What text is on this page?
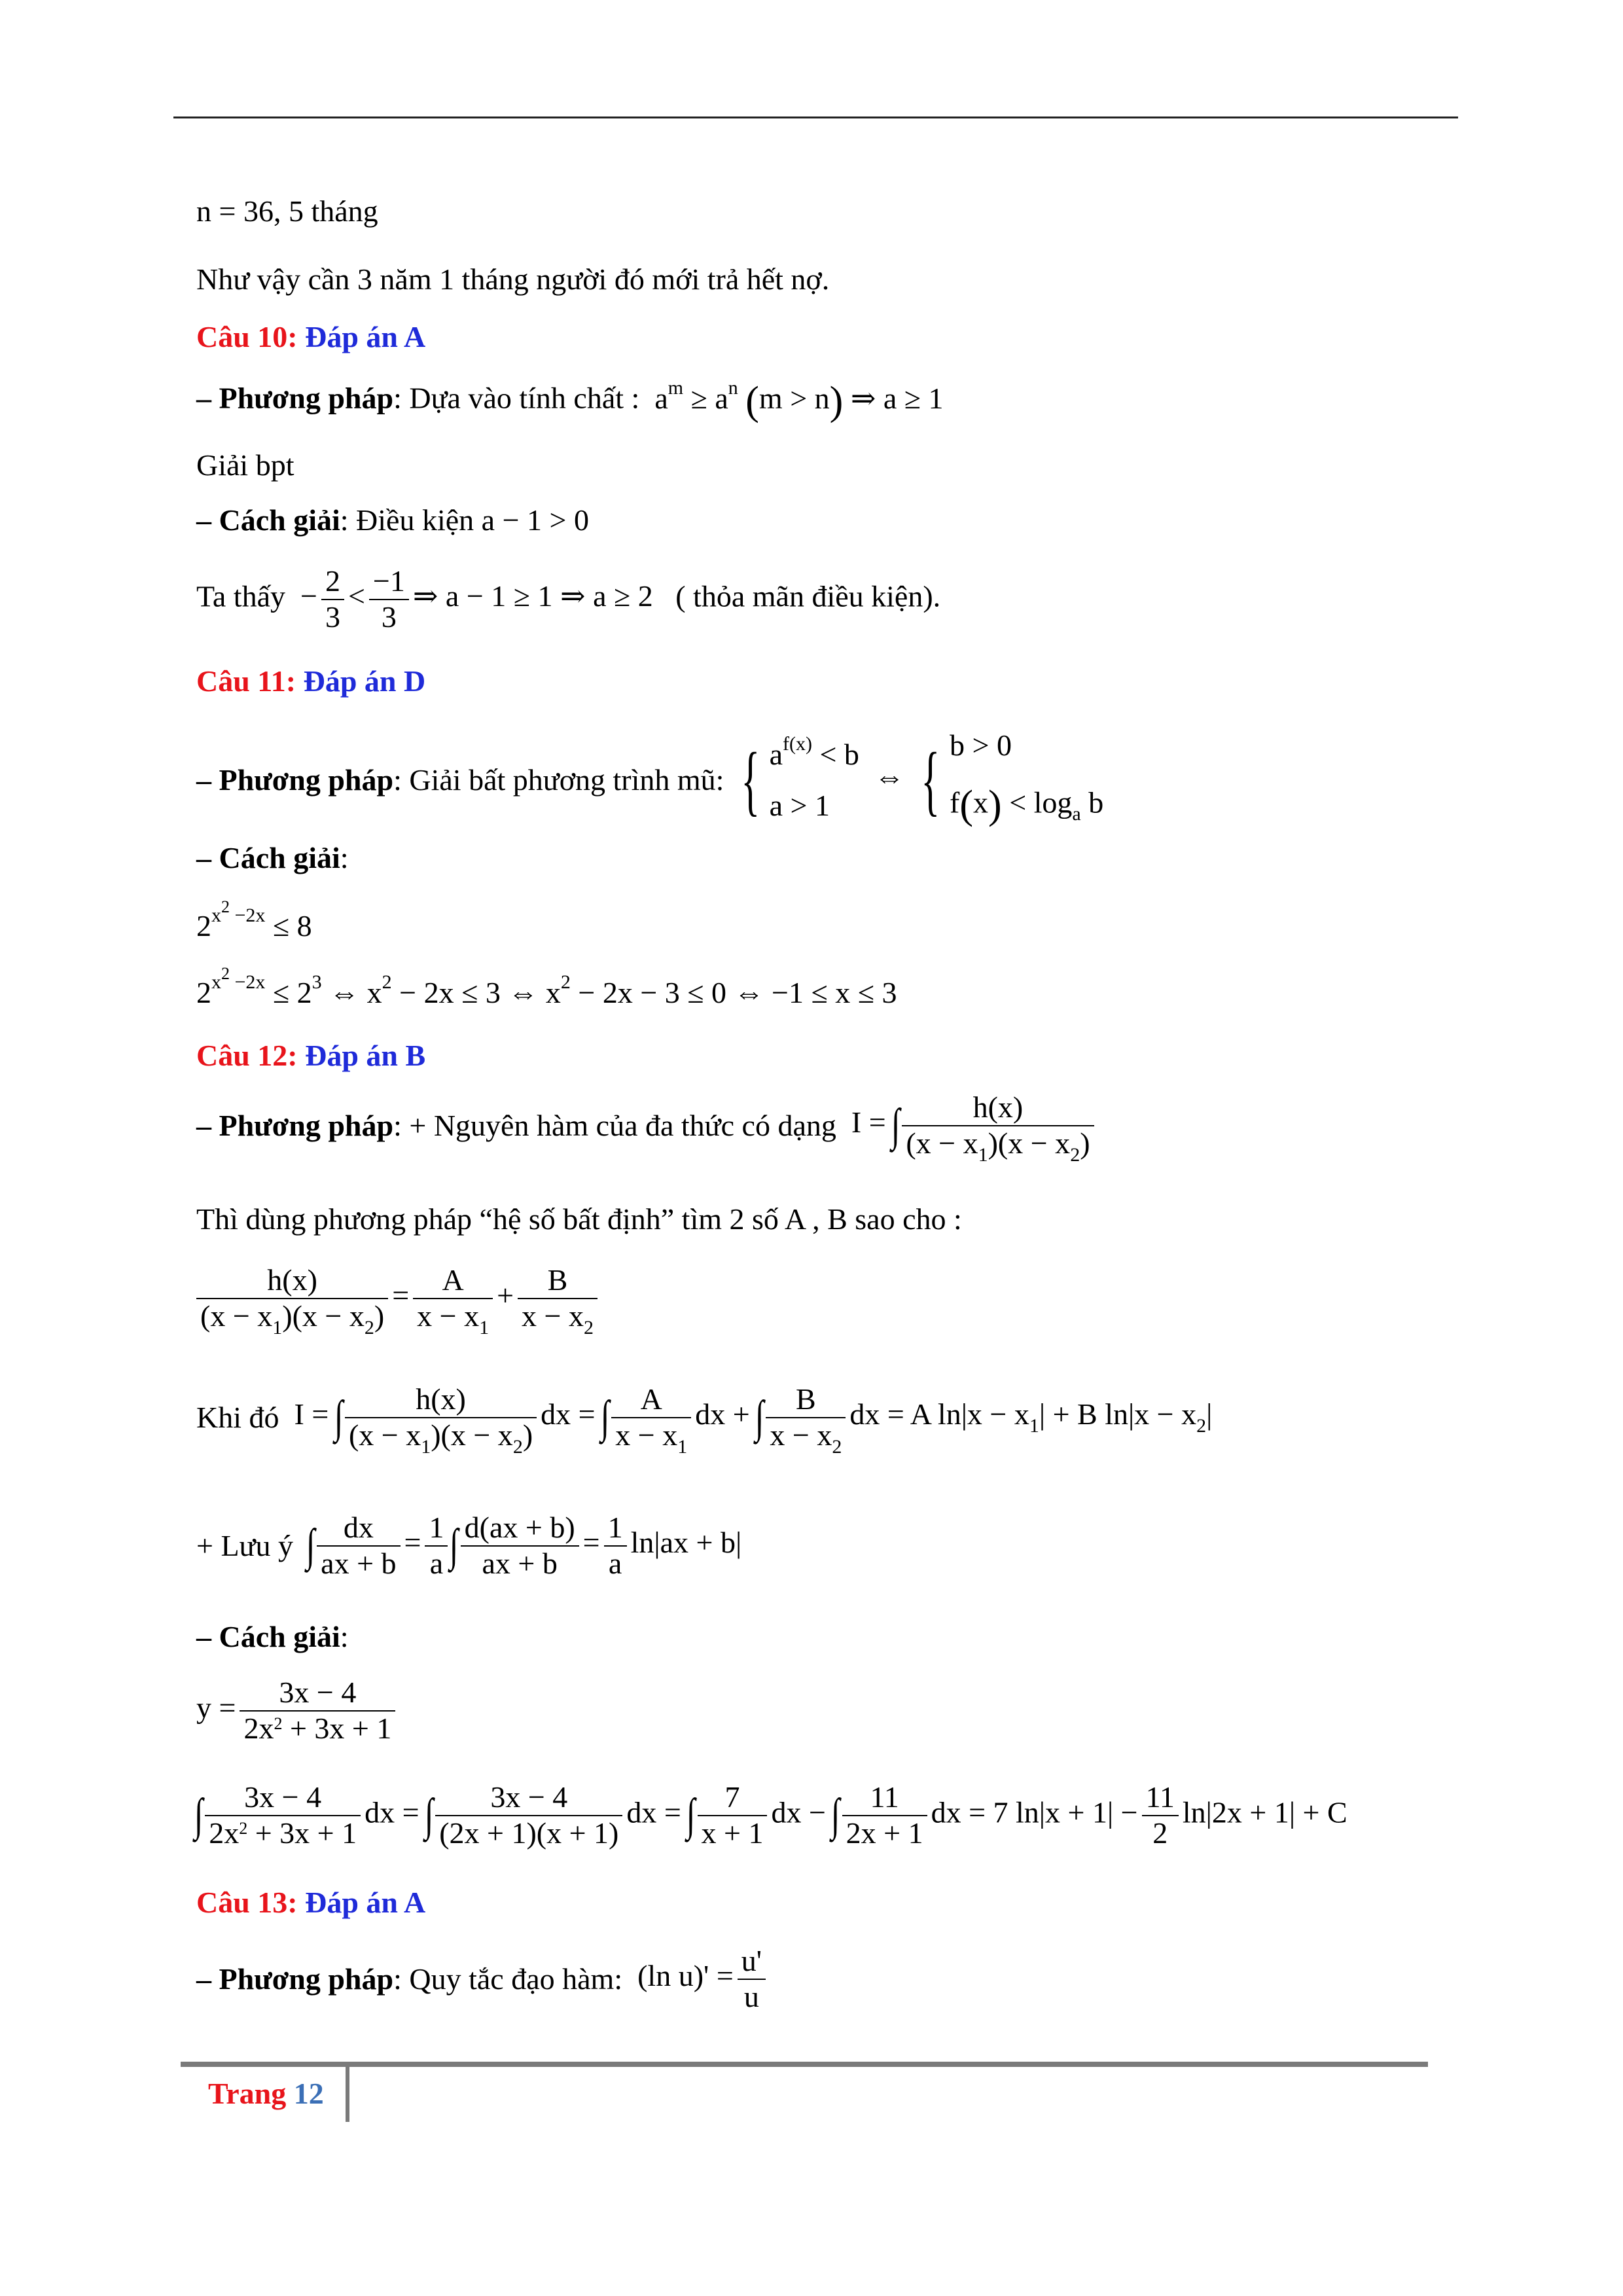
n = 36, 5 tháng
Như vậy cần 3 năm 1 tháng người đó mới trả hết nợ.
Câu 10: Đáp án A
– Phương pháp: Dựa vào tính chất :  $a^m \ge a^n$ (m > n) ⇒ a ≥ 1
Giải bpt
– Cách giải: Điều kiện a − 1 > 0
Ta thấy  − $\frac{2}{3} < \frac{-1}{3}$ ⇒ a − 1 ≥ 1 ⇒ a ≥ 2   ( thỏa mãn điều kiện).
Câu 11: Đáp án D
– Phương pháp: Giải bất phương trình mũ: { $a^{f(x)} < b$
a > 1  ⇔ { b > 0
$f(x) < \log_a b$
– Cách giải:
$2^{x2 -2x} \le 8$
$2^{x2 -2x} \le 2^3$ ⇔ $x^2 - 2x \le 3$ ⇔ $x^2 - 2x - 3 \le 0$ ⇔ −1 ≤ x ≤ 3
Câu 12: Đáp án B
– Phương pháp: + Nguyên hàm của đa thức có dạng  I = ∫ $\frac{h(x)}{(x - x_1)(x - x_2)}$
Thì dùng phương pháp “hệ số bất định” tìm 2 số A , B sao cho :
$\frac{h(x)}{(x - x_1)(x - x_2)} = \frac{A}{x - x_1} + \frac{B}{x - x_2}$
Khi đó  I = ∫ $\frac{h(x)}{(x - x_1)(x - x_2)}$ dx = ∫ $\frac{A}{x - x_1}$ dx + ∫ $\frac{B}{x - x_2}$ dx = A $\ln|x - x_1| + B$ $\ln|x - x_2|$
+ Lưu ý ∫ $\frac{dx}{ax + b} = \frac{1}{a}$ ∫ $\frac{d(ax + b)}{ax + b} = \frac{1}{a} \ln|ax + b|$
– Cách giải:
$y = \frac{3x - 4}{2x^2 + 3x + 1}$
∫ $\frac{3x - 4}{2x^2 + 3x + 1}$ dx = ∫ $\frac{3x - 4}{(2x + 1)(x + 1)}$ dx = ∫ $\frac{7}{x + 1}$ dx − ∫ $\frac{11}{2x + 1}$ dx = 7 $\ln|x + 1| - \frac{11}{2} \ln|2x + 1| + C$
Câu 13: Đáp án A
– Phương pháp: Quy tắc đạo hàm:  (ln $u)' = \frac{u'}{u}$
Trang 12
